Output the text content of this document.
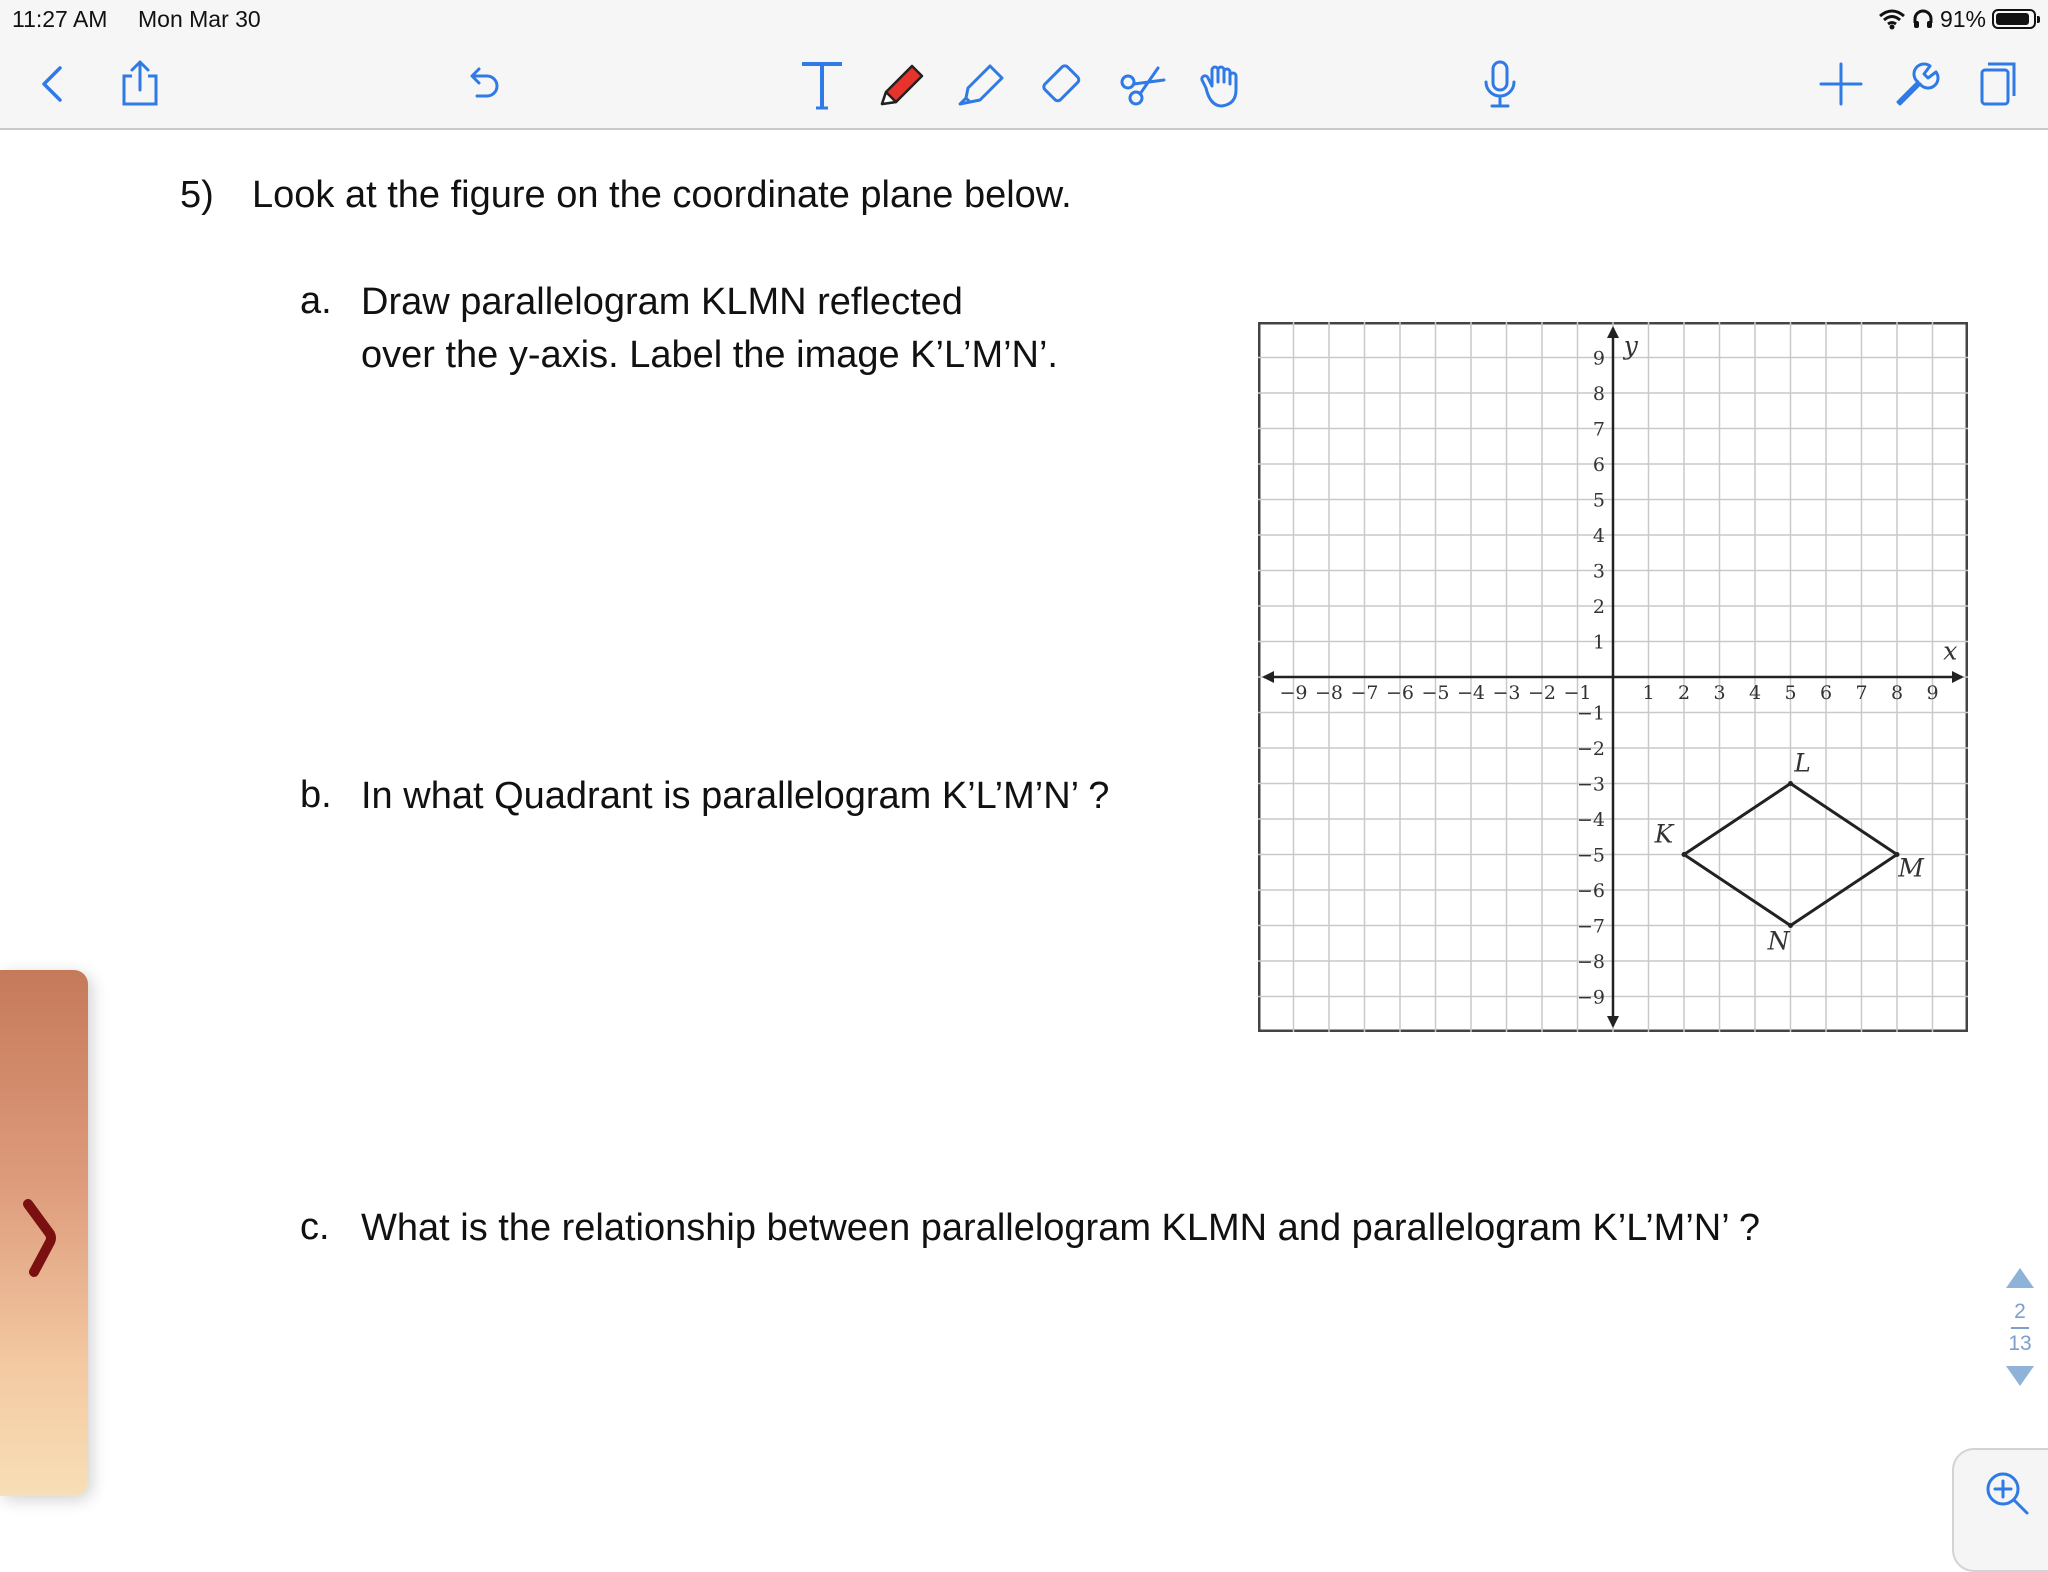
11:27 AM Mon Mar 30	91%
5) Look at the figure on the coordinate plane below.
a. Draw parallelogram KLMN reflected
over the y-axis. Label the image K’L’M’N’.
b. In what Quadrant is parallelogram K’L’M’N’ ?
c. What is the relationship between parallelogram KLMN and parallelogram K’L’M’N’ ?
−9 −8 −7 −6 −5 −4 −3 −2 −1	1 2 3 4 5 6 7 8 9
9
8
7
6
5
4
3
2
1
−1
−2
−3
−4
−5
−6
−7
−8
−9
x
y
K
L
M
N
2
13
